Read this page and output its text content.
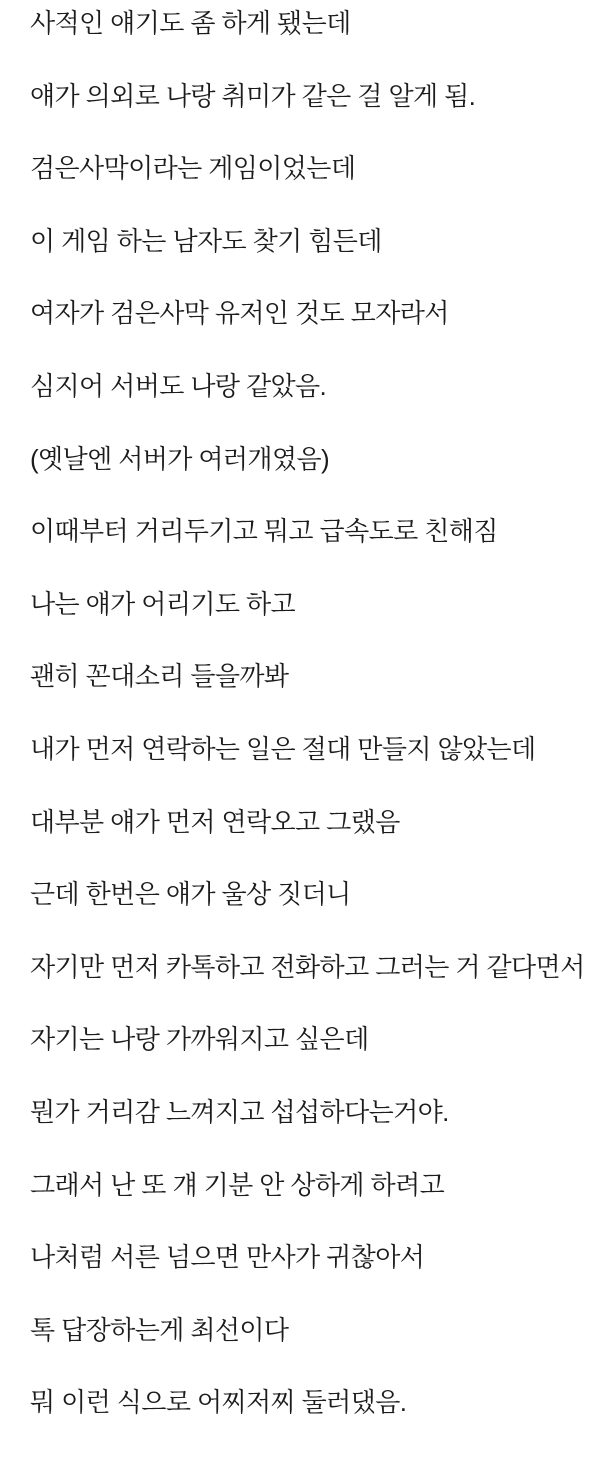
사적인 얘기도 좀 하게 됐는데
얘가 의외로 나랑 취미가 같은 걸 알게 됨.
검은사막이라는 게임이었는데
이 게임 하는 남자도 찾기 힘든데
여자가 검은사막 유저인 것도 모자라서
심지어 서버도 나랑 같았음.
(옛날엔 서버가 여러개였음)
이때부터 거리두기고 뭐고 급속도로 친해짐
나는 얘가 어리기도 하고
괜히 꼰대소리 들을까봐
내가 먼저 연락하는 일은 절대 만들지 않았는데
대부분 얘가 먼저 연락오고 그랬음
근데 한번은 얘가 울상 짓더니
자기만 먼저 카톡하고 전화하고 그러는 거 같다면서
자기는 나랑 가까워지고 싶은데
뭔가 거리감 느껴지고 섭섭하다는거야.
그래서 난 또 걔 기분 안 상하게 하려고
나처럼 서른 넘으면 만사가 귀찮아서
톡 답장하는게 최선이다
뭐 이런 식으로 어찌저찌 둘러댔음.
